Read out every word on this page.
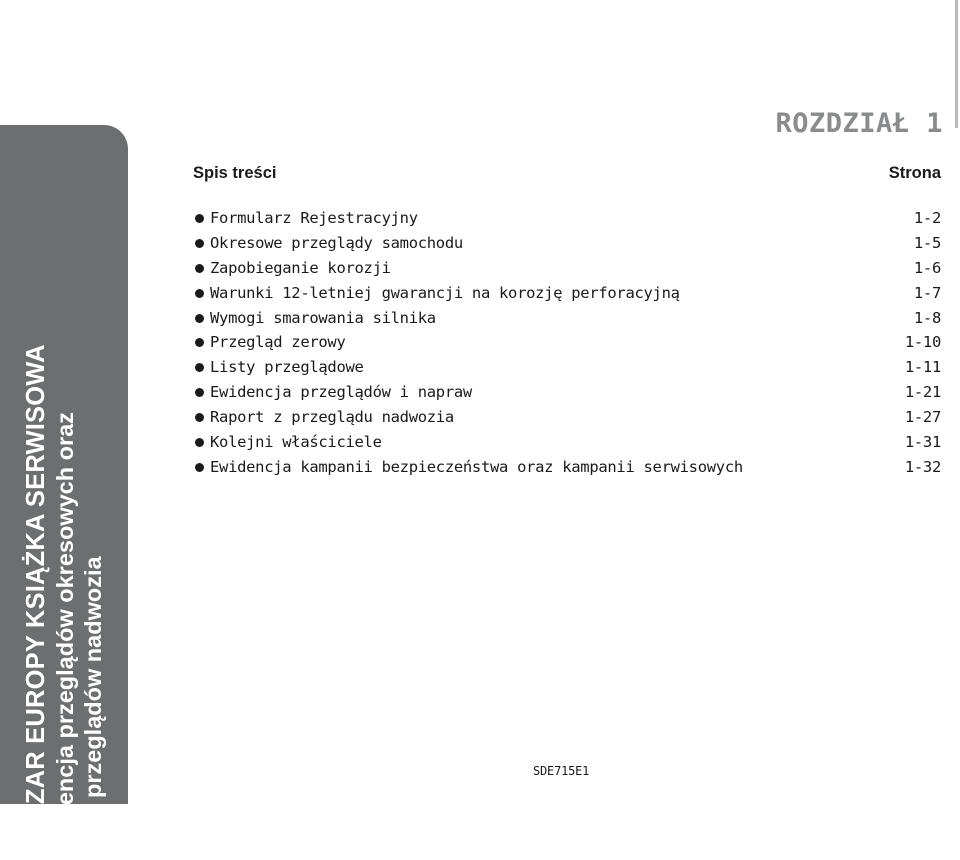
OBSZAR EUROPY KSIĄŻKA SERWISOWA Ewidencja przeglądów okresowych oraz przeglądów nadwozia
ROZDZIAŁ 1
Spis treści	Strona
Formularz Rejestracyjny	1-2
Okresowe przeglądy samochodu	1-5
Zapobieganie korozji	1-6
Warunki 12-letniej gwarancji na korozję perforacyjną	1-7
Wymogi smarowania silnika	1-8
Przegląd zerowy	1-10
Listy przeglądowe	1-11
Ewidencja przeglądów i napraw	1-21
Raport z przeglądu nadwozia	1-27
Kolejni właściciele	1-31
Ewidencja kampanii bezpieczeństwa oraz kampanii serwisowych	1-32
SDE715E1
